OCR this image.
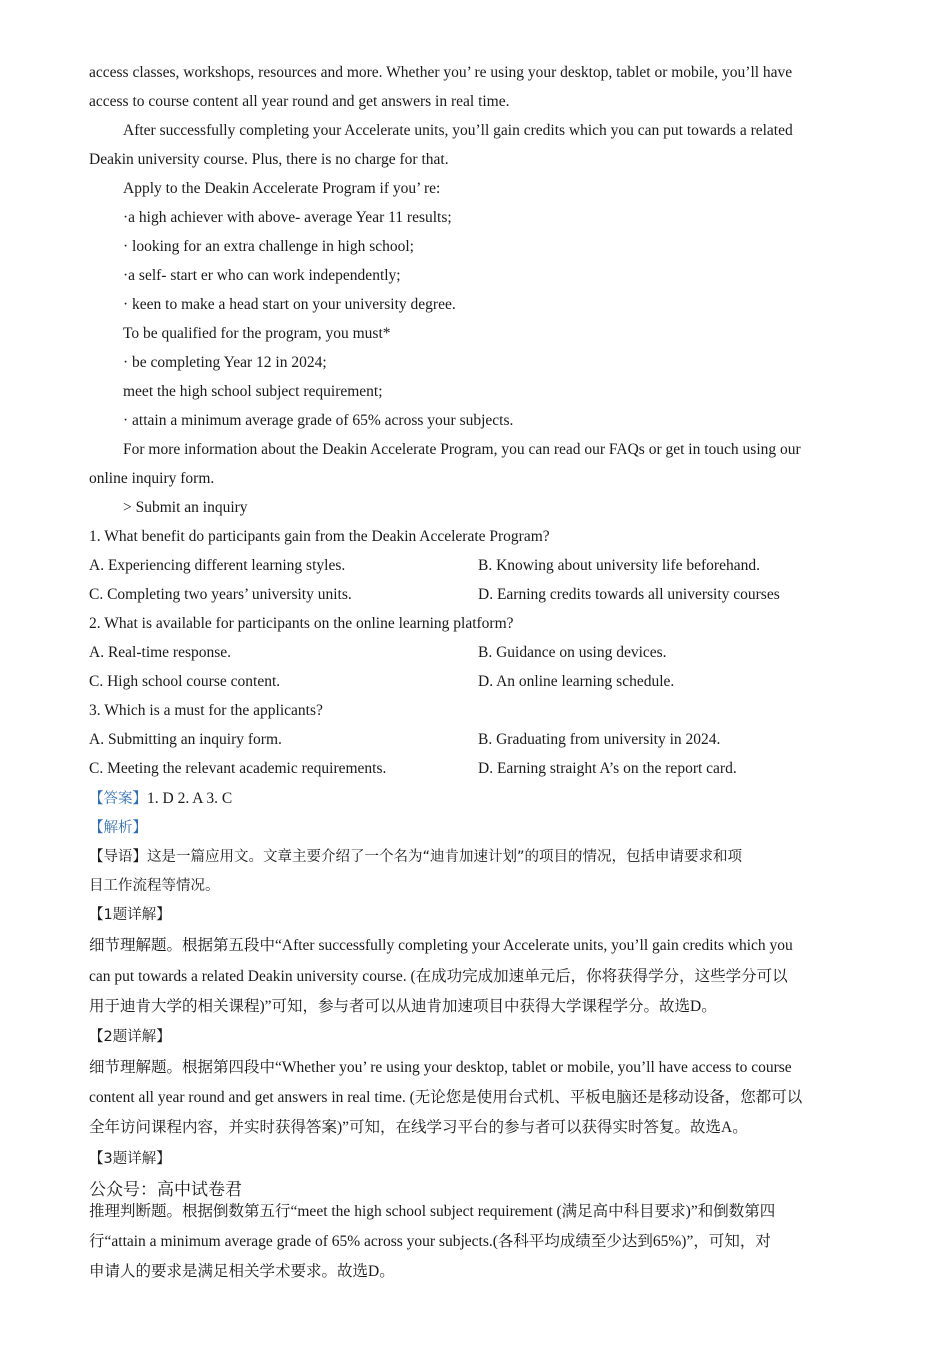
access classes, workshops, resources and more. Whether you’ re using your desktop, tablet or mobile, you’ll have
access to course content all year round and get answers in real time.
After successfully completing your Accelerate units, you’ll gain credits which you can put towards a related
Deakin university course. Plus, there is no charge for that.
Apply to the Deakin Accelerate Program if you’ re:
·a high achiever with above- average Year 11 results;
· looking for an extra challenge in high school;
·a self- start er who can work independently;
· keen to make a head start on your university degree.
To be qualified for the program, you must*
· be completing Year 12 in 2024;
meet the high school subject requirement;
· attain a minimum average grade of 65% across your subjects.
For more information about the Deakin Accelerate Program, you can read our FAQs or get in touch using our
online inquiry form.
> Submit an inquiry
1. What benefit do participants gain from the Deakin Accelerate Program?
A. Experiencing different learning styles.	B. Knowing about university life beforehand.
C. Completing two years’ university units.	D. Earning credits towards all university courses
2. What is available for participants on the online learning platform?
A. Real-time response.	B. Guidance on using devices.
C. High school course content.	D. An online learning schedule.
3. Which is a must for the applicants?
A. Submitting an inquiry form.	B. Graduating from university in 2024.
C. Meeting the relevant academic requirements.	D. Earning straight A’s on the report card.
【答案】1. D 2. A 3. C
【解析】
【导语】这是一篇应用文。文章主要介绍了一个名为“迪肯加速计划”的项目的情况，包括申请要求和项
目工作流程等情况。
【1题详解】
细节理解题。根据第五段中“After successfully completing your Accelerate units, you’ll gain credits which you
can put towards a related Deakin university course. (在成功完成加速单元后，你将获得学分，这些学分可以
用于迪肯大学的相关课程)”可知，参与者可以从迪肯加速项目中获得大学课程学分。故选D。
【2题详解】
细节理解题。根据第四段中“Whether you’ re using your desktop, tablet or mobile, you’ll have access to course
content all year round and get answers in real time. (无论您是使用台式机、平板电脑还是移动设备，您都可以
全年访问课程内容，并实时获得答案)”可知，在线学习平台的参与者可以获得实时答复。故选A。
【3题详解】
公众号：高中试卷君
推理判断题。根据倒数第五行“meet the high school subject requirement (满足高中科目要求)”和倒数第四
行“attain a minimum average grade of 65% across your subjects.(各科平均成绩至少达到65%)”，可知，对
申请人的要求是满足相关学术要求。故选D。
